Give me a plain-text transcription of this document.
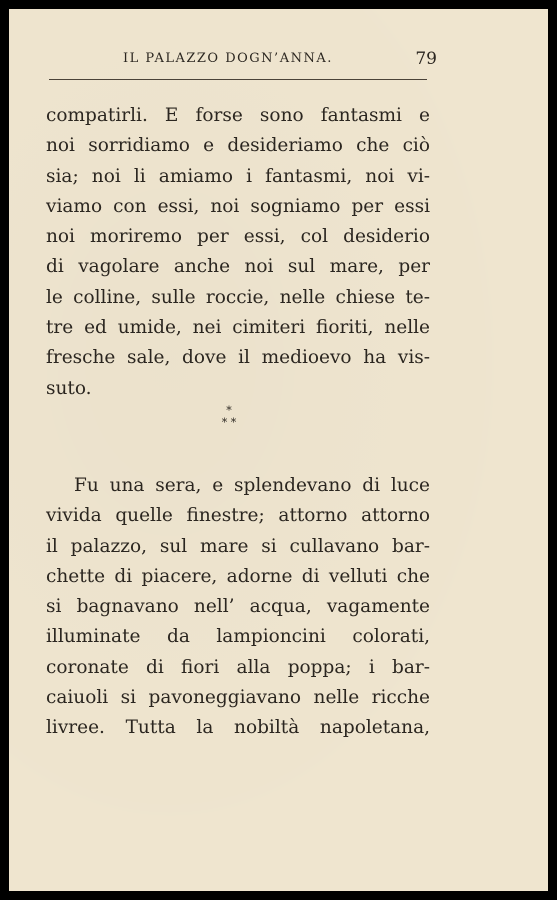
IL PALAZZO DOGN’ANNA.	79
compatirli. E forse sono fantasmi e
noi sorridiamo e desideriamo che ciò
sia; noi li amiamo i fantasmi, noi vi-
viamo con essi, noi sogniamo per essi
noi moriremo per essi, col desiderio
di vagolare anche noi sul mare, per
le colline, sulle roccie, nelle chiese te-
tre ed umide, nei cimiteri fioriti, nelle
fresche sale, dove il medioevo ha vis-
suto.
*
* *
Fu una sera, e splendevano di luce
vivida quelle finestre; attorno attorno
il palazzo, sul mare si cullavano bar-
chette di piacere, adorne di velluti che
si bagnavano nell’ acqua, vagamente
illuminate da lampioncini colorati,
coronate di fiori alla poppa; i bar-
caiuoli si pavoneggiavano nelle ricche
livree. Tutta la nobiltà napoletana,
